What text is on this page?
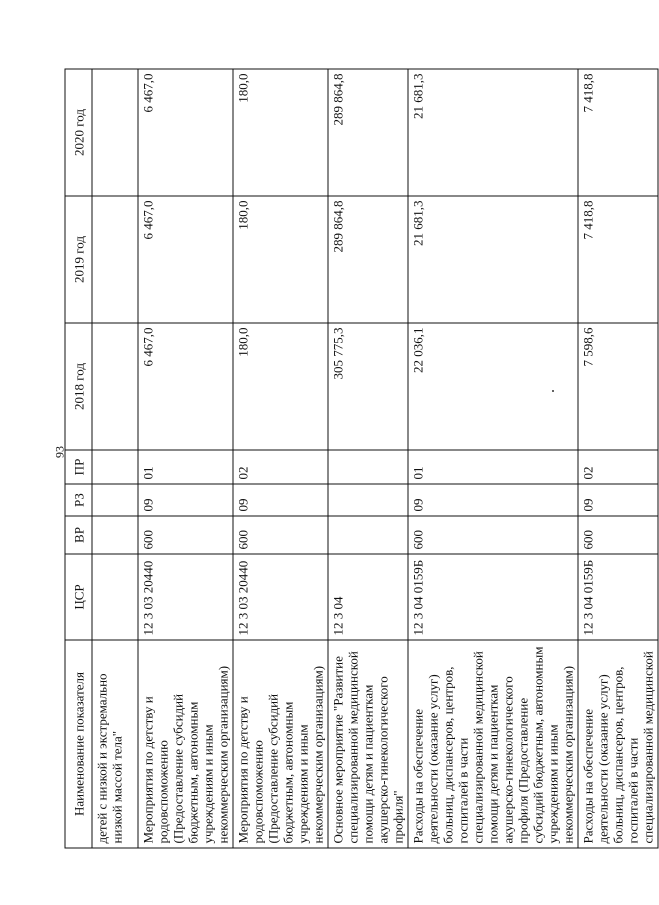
93
Наименование показателя	ЦСР	ВР	РЗ	ПР	2018 год	2019 год	2020 год
детей с низкой и экстремально низкой массой тела"							
Мероприятия по детству и родовспоможению (Предоставление субсидий бюджетным, автономным учреждениям и иным некоммерческим организациям)	12 3 03 20440	600	09	01	6 467,0	6 467,0	6 467,0
Мероприятия по детству и родовспоможению (Предоставление субсидий бюджетным, автономным учреждениям и иным некоммерческим организациям)	12 3 03 20440	600	09	02	180,0	180,0	180,0
Основное мероприятие "Развитие специализированной медицинской помощи детям и пациенткам акушерско-гинекологического профиля"	12 3 04				305 775,3	289 864,8	289 864,8
Расходы на обеспечение деятельности (оказание услуг) больниц, диспансеров, центров, госпиталей в части специализированной медицинской помощи детям и пациенткам акушерско-гинекологического профиля (Предоставление субсидий бюджетным, автономным учреждениям и иным некоммерческим организациям)	12 3 04 0159Б	600	09	01	22 036,1	21 681,3	21 681,3
Расходы на обеспечение деятельности (оказание услуг) больниц, диспансеров, центров, госпиталей в части специализированной медицинской	12 3 04 0159Б	600	09	02	7 598,6	7 418,8	7 418,8
